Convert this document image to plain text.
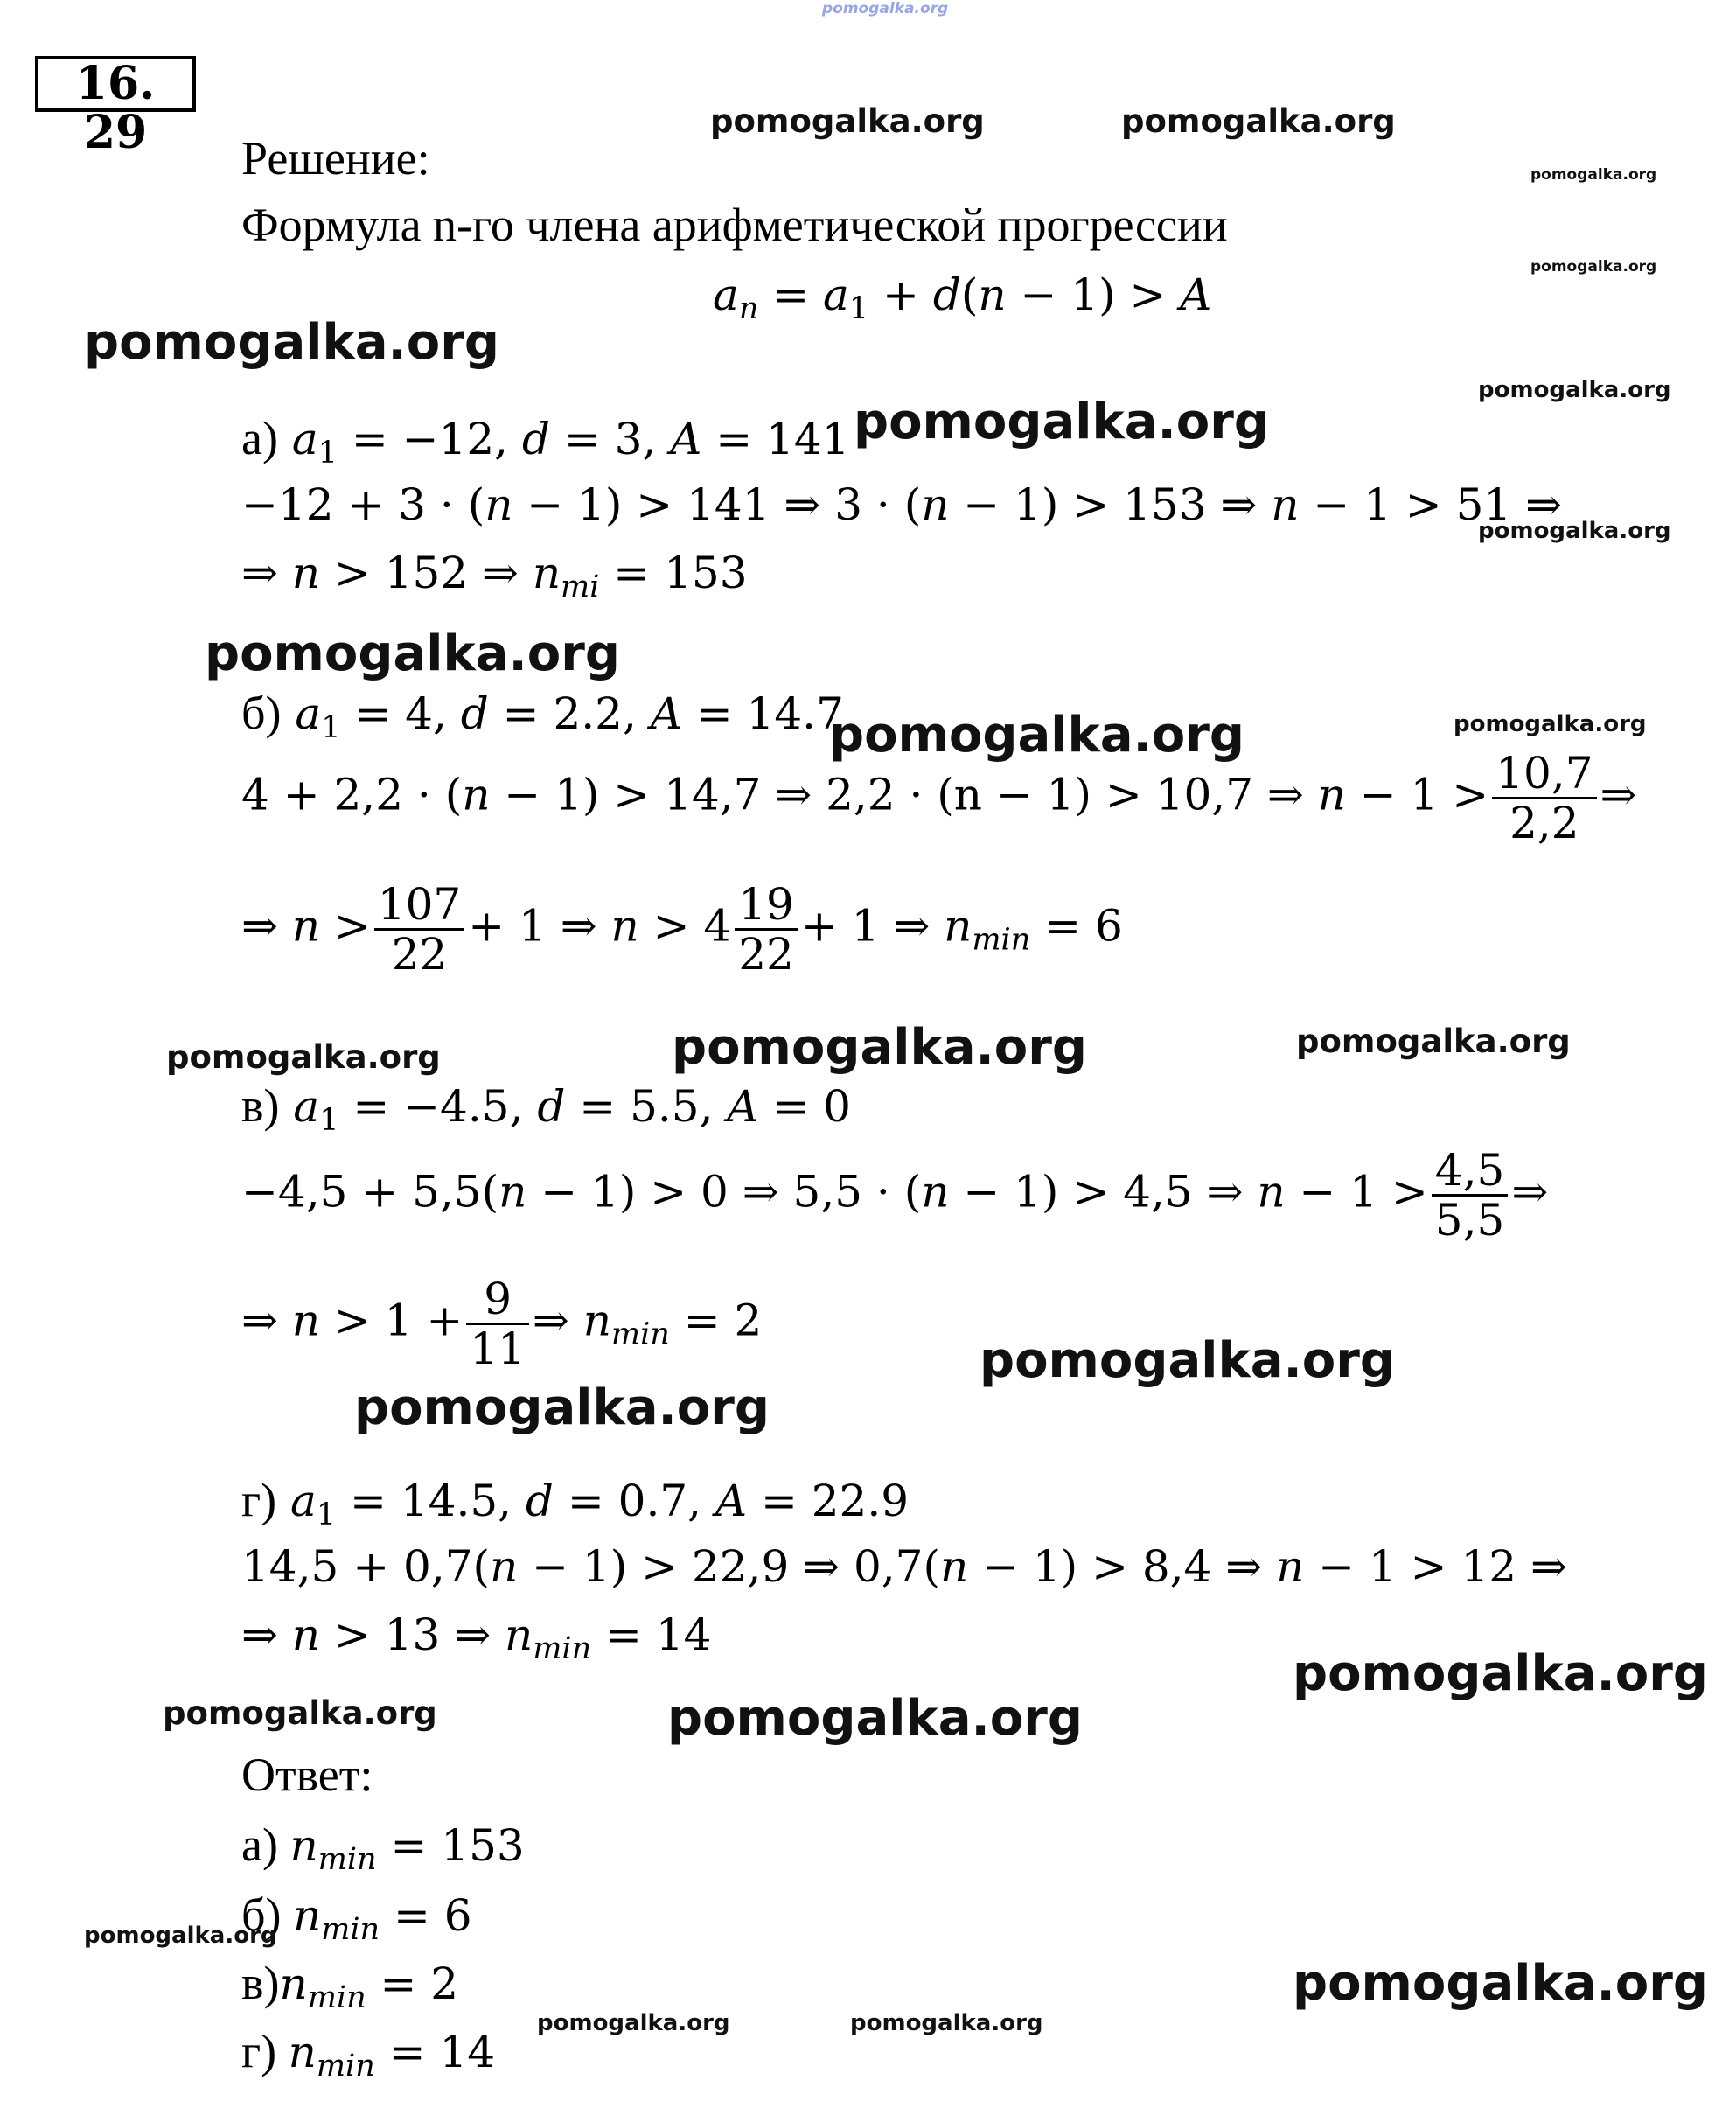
pomogalka.org
16. 29	Решение:
Формула n-го члена арифметической прогрессии
$a_n = a_1 + d(n - 1) > A$
а) $a_1 = -12$, d = 3, A = 141
−12 + 3 · (n − 1) > 141 ⇒ 3 · (n − 1) > 153 ⇒ n − 1 > 51 ⇒
⇒ n > 152 ⇒ $n_{mi} = 153$
б) $a_1 = 4$, d = 2.2, A = 14.7
4 + 2,2 · (n − 1) > 14,7 ⇒ 2,2 · (n − 1) > 10,7 ⇒ $n - 1 > \frac{10,7}{2,2}$ ⇒
⇒ $n > \frac{107}{22} + 1$ ⇒ $n > 4 \frac{19}{22} + 1$ ⇒ $n_{min} = 6$
в) $a_1 = -4.5$, d = 5.5, A = 0
−4,5 + 5,5(n − 1) > 0 ⇒ 5,5 · (n − 1) > 4,5 ⇒ $n - 1 > \frac{4,5}{5,5}$ ⇒
⇒ $n > 1 + \frac{9}{11}$ ⇒ $n_{min} = 2$
г) $a_1 = 14.5$, d = 0.7, A = 22.9
14,5 + 0,7(n − 1) > 22,9 ⇒ 0,7(n − 1) > 8,4 ⇒ n − 1 > 12 ⇒
⇒ n > 13 ⇒ $n_{min} = 14$
Ответ:
а) $n_{min} = 153$
б) $n_{min} = 6$
$в)n_{min} = 2$
г) $n_{min} = 14$
pomogalka.org	pomogalka.org
pomogalka.org
pomogalka.org
pomogalka.org
pomogalka.org
pomogalka.org
pomogalka.org
pomogalka.org
pomogalka.org
pomogalka.org
pomogalka.org
pomogalka.org	pomogalka.org
pomogalka.org
pomogalka.org
pomogalka.org
pomogalka.org	pomogalka.org
pomogalka.org
pomogalka.org
pomogalka.org	pomogalka.org
